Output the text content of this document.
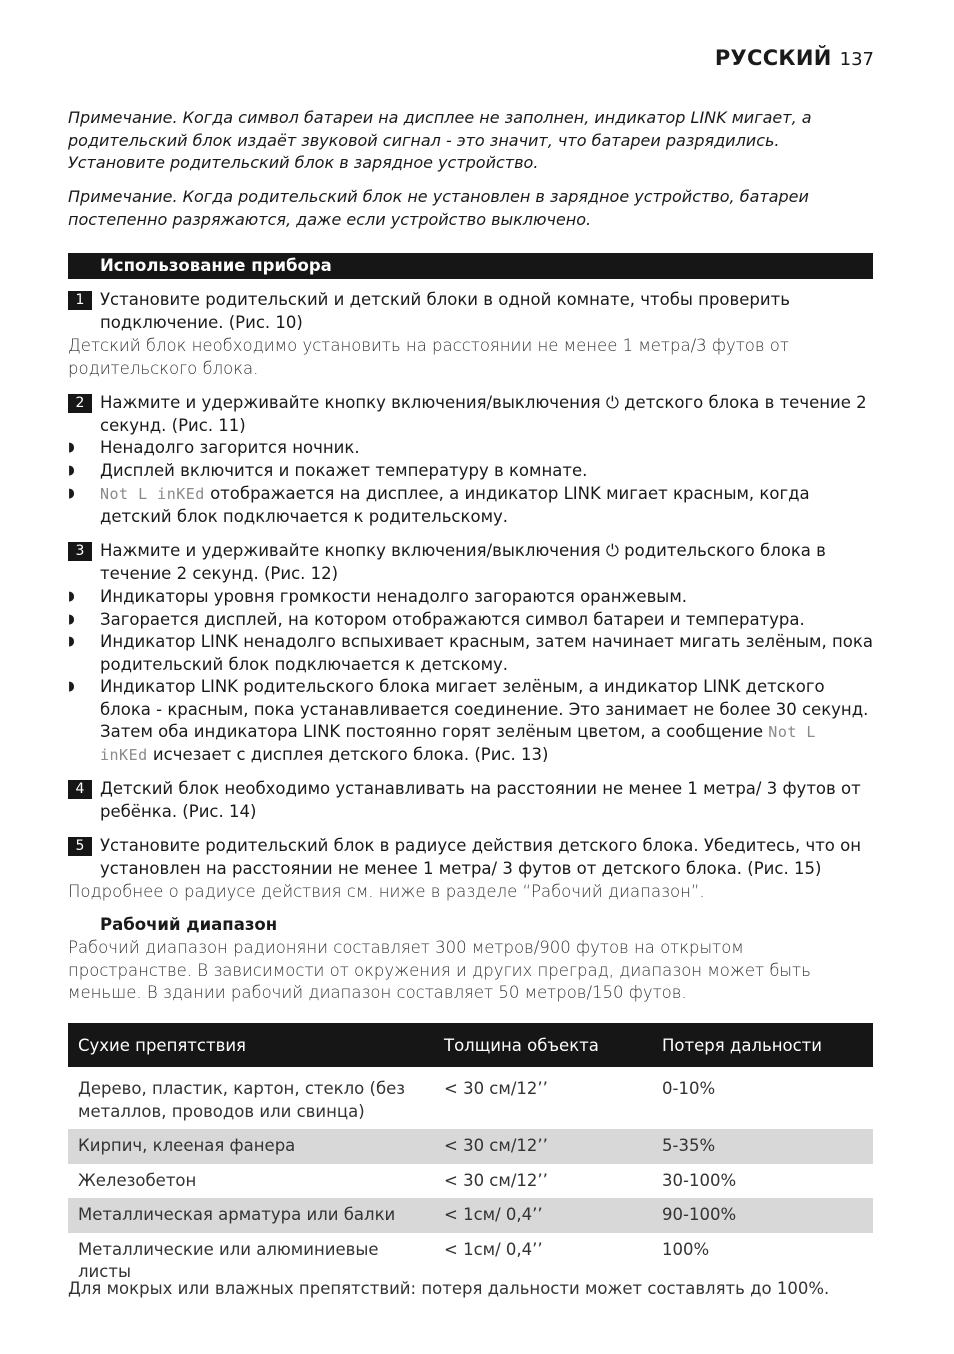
РУССКИЙ 137
Примечание. Когда символ батареи на дисплее не заполнен, индикатор LINK мигает, а родительский блок издаёт звуковой сигнал - это значит, что батареи разрядились. Установите родительский блок в зарядное устройство.
Примечание. Когда родительский блок не установлен в зарядное устройство, батареи постепенно разряжаются, даже если устройство выключено.
Использование прибора
1 Установите родительский и детский блоки в одной комнате, чтобы проверить подключение. (Рис. 10)
Детский блок необходимо установить на расстоянии не менее 1 метра/3 футов от родительского блока.
2 Нажмите и удерживайте кнопку включения/выключения ⏻ детского блока в течение 2 секунд. (Рис. 11)
◗ Ненадолго загорится ночник.
◗ Дисплей включится и покажет температуру в комнате.
◗ Not L inKEd отображается на дисплее, а индикатор LINK мигает красным, когда детский блок подключается к родительскому.
3 Нажмите и удерживайте кнопку включения/выключения ⏻ родительского блока в течение 2 секунд. (Рис. 12)
◗ Индикаторы уровня громкости ненадолго загораются оранжевым.
◗ Загорается дисплей, на котором отображаются символ батареи и температура.
◗ Индикатор LINK ненадолго вспыхивает красным, затем начинает мигать зелёным, пока родительский блок подключается к детскому.
◗ Индикатор LINK родительского блока мигает зелёным, а индикатор LINK детского блока - красным, пока устанавливается соединение. Это занимает не более 30 секунд. Затем оба индикатора LINK постоянно горят зелёным цветом, а сообщение Not L inKEd исчезает с дисплея детского блока. (Рис. 13)
4 Детский блок необходимо устанавливать на расстоянии не менее 1 метра/ 3 футов от ребёнка. (Рис. 14)
5 Установите родительский блок в радиусе действия детского блока. Убедитесь, что он установлен на расстоянии не менее 1 метра/ 3 футов от детского блока. (Рис. 15)
Подробнее о радиусе действия см. ниже в разделе “Рабочий диапазон”.
Рабочий диапазон
Рабочий диапазон радионяни составляет 300 метров/900 футов на открытом пространстве. В зависимости от окружения и других преград, диапазон может быть меньше. В здании рабочий диапазон составляет 50 метров/150 футов.
Сухие препятствия	Толщина объекта	Потеря дальности
Дерево, пластик, картон, стекло (без металлов, проводов или свинца)	< 30 см/12’’	0-10%
Кирпич, клееная фанера	< 30 см/12’’	5-35%
Железобетон	< 30 см/12’’	30-100%
Металлическая арматура или балки	< 1см/ 0,4’’	90-100%
Металлические или алюминиевые листы	< 1см/ 0,4’’	100%
Для мокрых или влажных препятствий: потеря дальности может составлять до 100%.
